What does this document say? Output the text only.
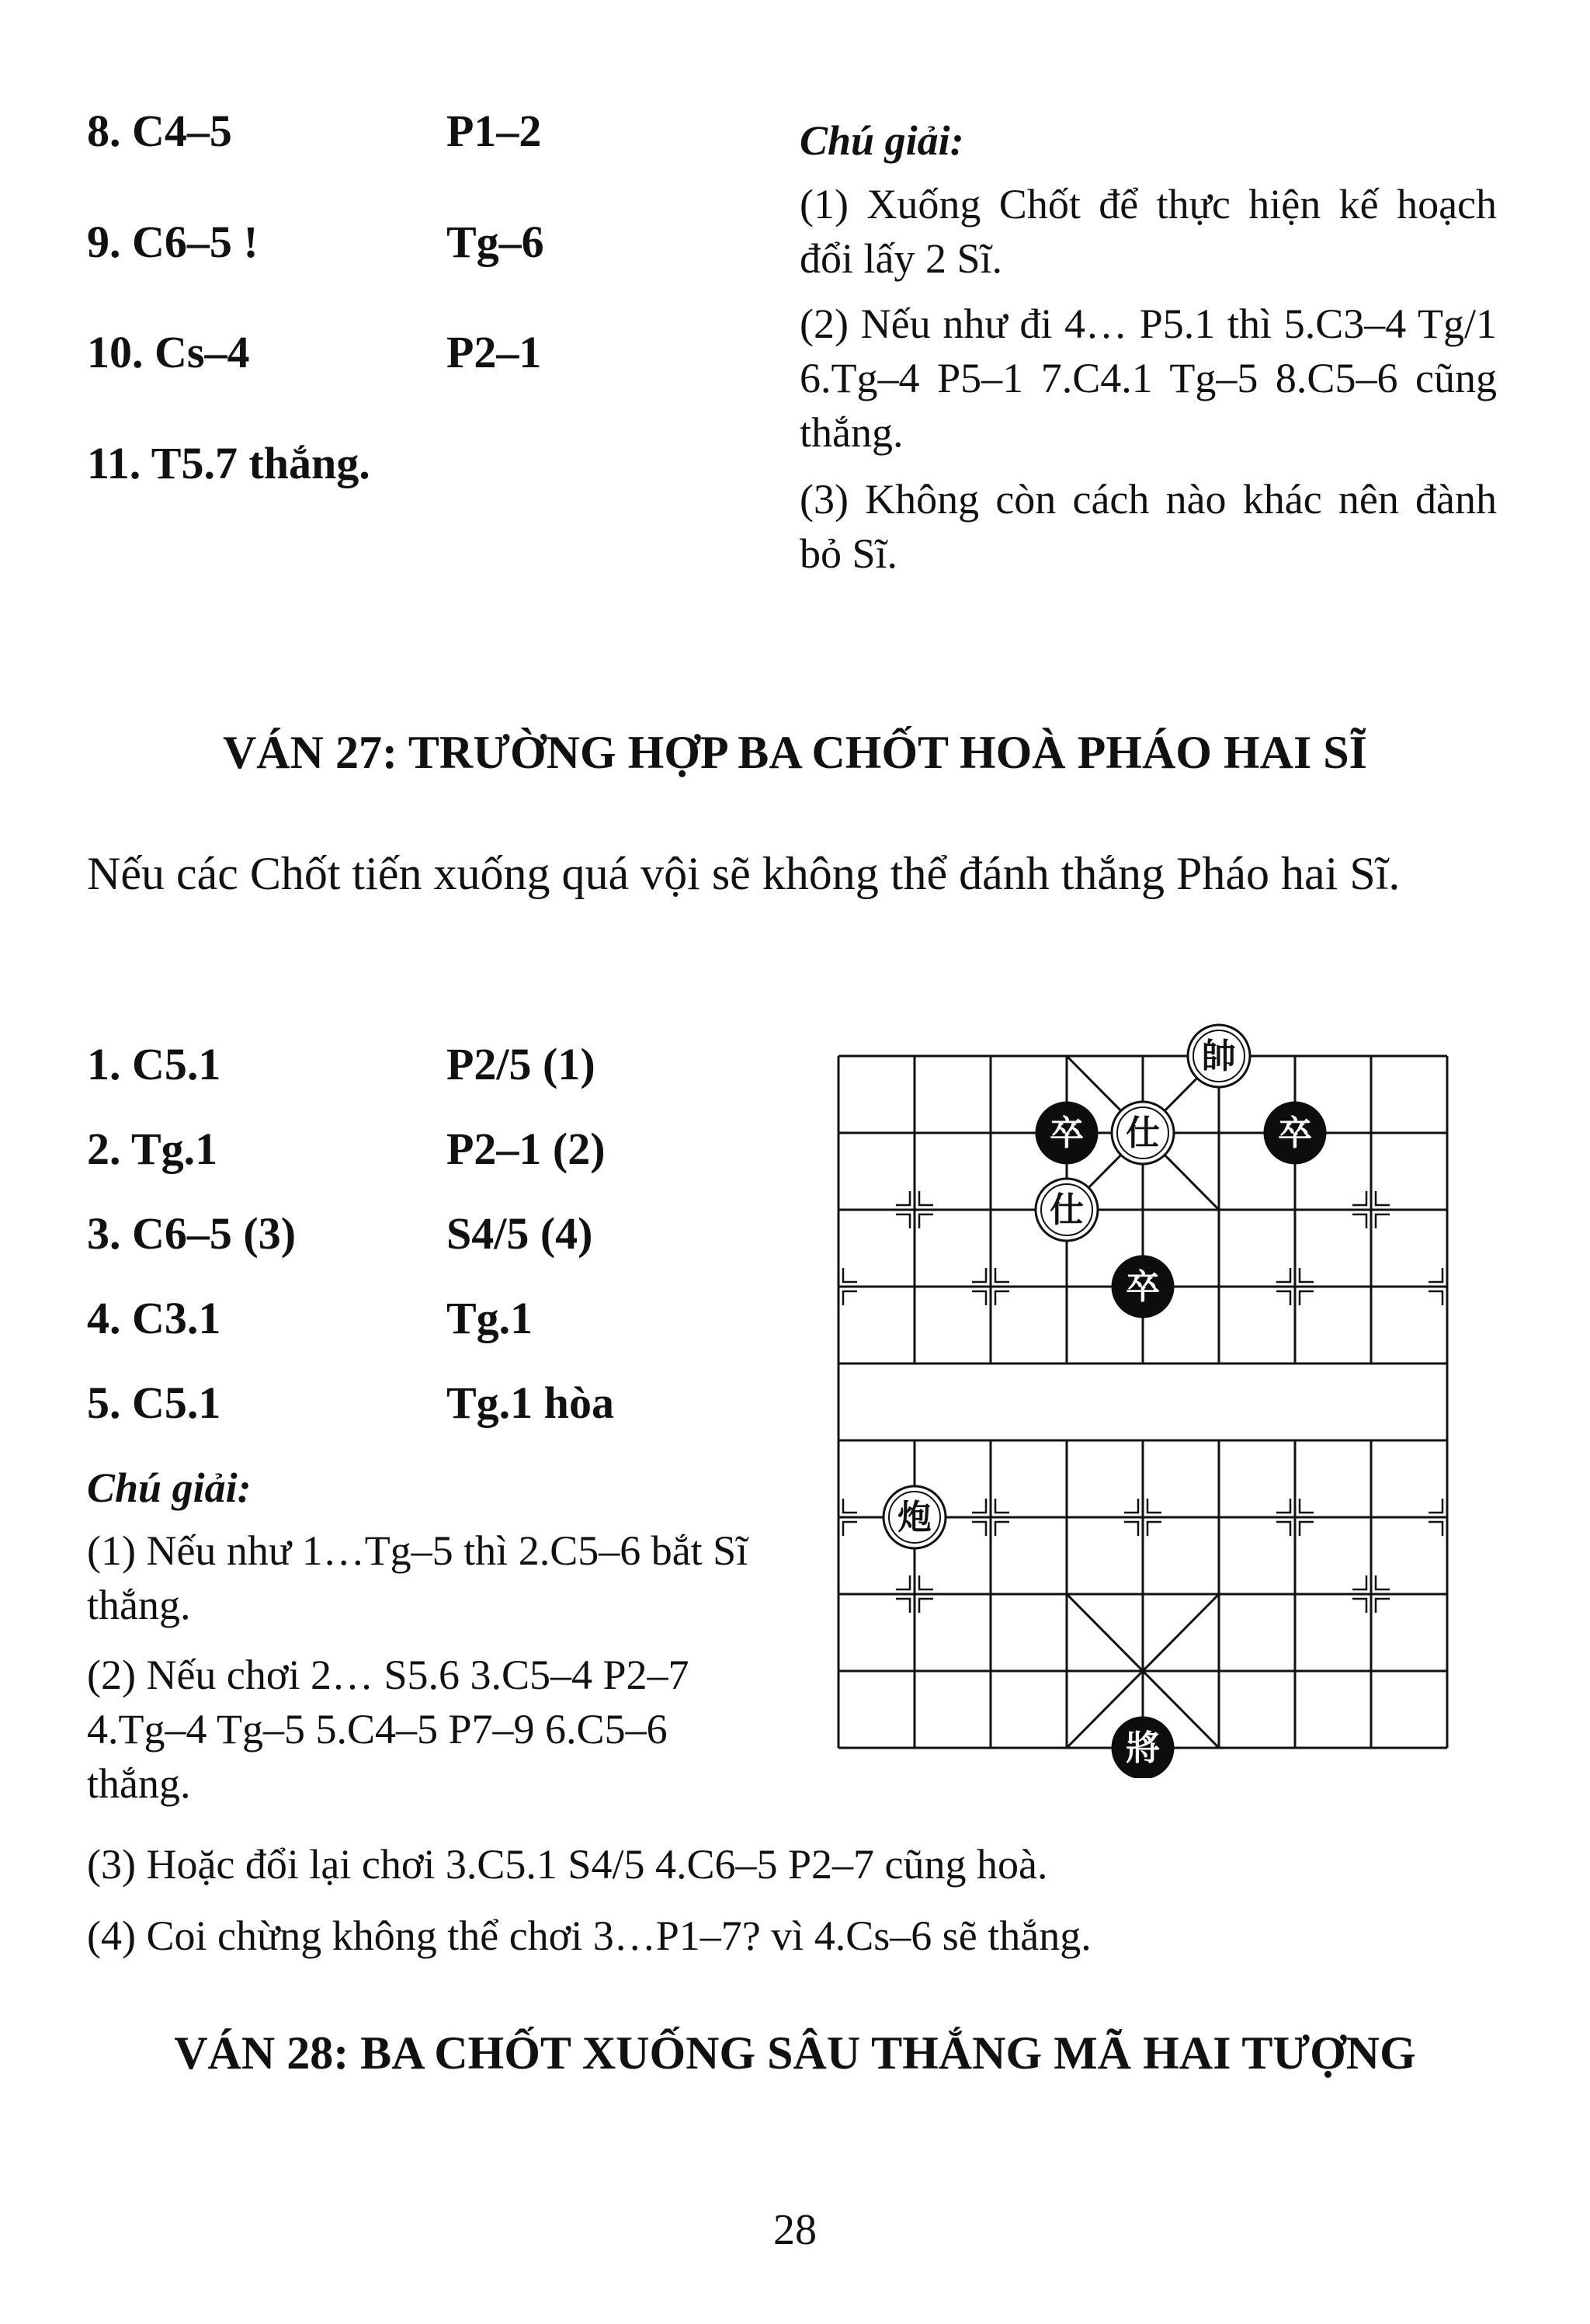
8. C4–5	P1–2
9. C6–5 !	Tg–6
10. Cs–4	P2–1
11. T5.7 thắng.
Chú giải:
(1) Xuống Chốt để thực hiện kế hoạch đổi lấy 2 Sĩ.
(2) Nếu như đi 4… P5.1 thì 5.C3–4 Tg/1 6.Tg–4 P5–1 7.C4.1 Tg–5 8.C5–6 cũng thắng.
(3) Không còn cách nào khác nên đành bỏ Sĩ.
VÁN 27: TRƯỜNG HỢP BA CHỐT HOÀ PHÁO HAI SĨ
Nếu các Chốt tiến xuống quá vội sẽ không thể đánh thắng Pháo hai Sĩ.
1. C5.1	P2/5 (1)
2. Tg.1	P2–1 (2)
3. C6–5 (3)	S4/5 (4)
4. C3.1	Tg.1
5. C5.1	Tg.1 hòa
Chú giải:
(1) Nếu như 1…Tg–5 thì 2.C5–6 bắt Sĩ thắng.
(2) Nếu chơi 2… S5.6 3.C5–4 P2–7 4.Tg–4 Tg–5 5.C4–5 P7–9 6.C5–6 thắng.
(3) Hoặc đổi lại chơi 3.C5.1 S4/5 4.C6–5 P2–7 cũng hoà.
(4) Coi chừng không thể chơi 3…P1–7? vì 4.Cs–6 sẽ thắng.
帥
卒 仕	卒
仕
卒
炮
將
VÁN 28: BA CHỐT XUỐNG SÂU THẮNG MÃ HAI TƯỢNG
28
